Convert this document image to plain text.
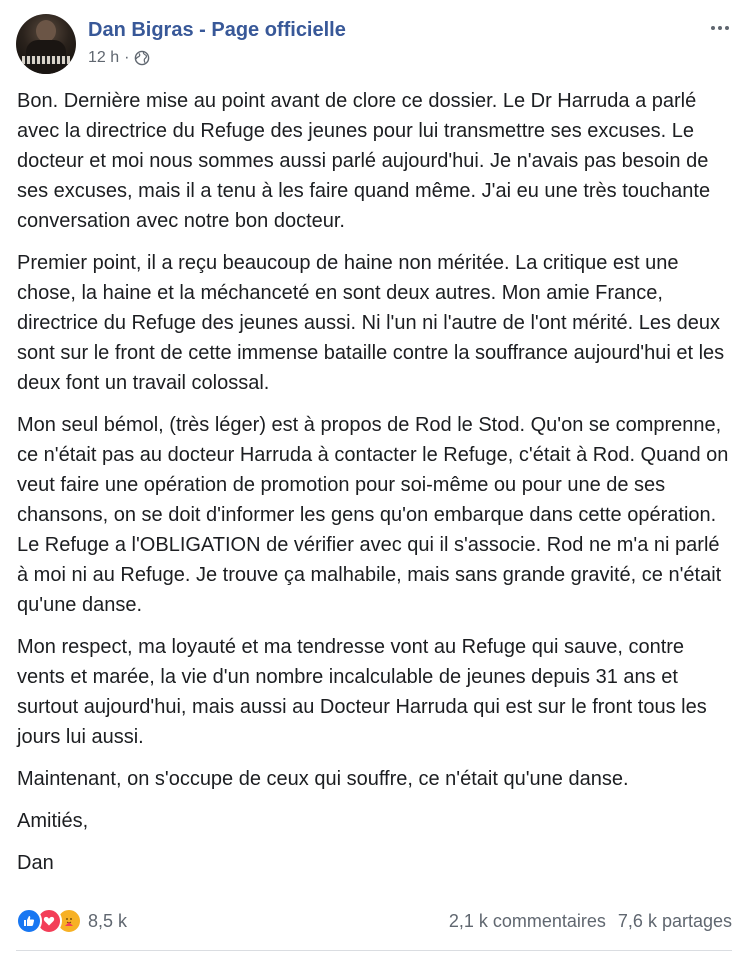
Dan Bigras - Page officielle
12 h ·

Bon. Dernière mise au point avant de clore ce dossier. Le Dr Harruda a parlé avec la directrice du Refuge des jeunes pour lui transmettre ses excuses. Le docteur et moi nous sommes aussi parlé aujourd'hui. Je n'avais pas besoin de ses excuses, mais il a tenu à les faire quand même. J'ai eu une très touchante conversation avec notre bon docteur.

Premier point, il a reçu beaucoup de haine non méritée. La critique est une chose, la haine et la méchanceté en sont deux autres. Mon amie France, directrice du Refuge des jeunes aussi. Ni l'un ni l'autre de l'ont mérité. Les deux sont sur le front de cette immense bataille contre la souffrance aujourd'hui et les deux font un travail colossal.

Mon seul bémol, (très léger) est à propos de Rod le Stod. Qu'on se comprenne, ce n'était pas au docteur Harruda à contacter le Refuge, c'était à Rod. Quand on veut faire une opération de promotion pour soi-même ou pour une de ses chansons, on se doit d'informer les gens qu'on embarque dans cette opération. Le Refuge a l'OBLIGATION de vérifier avec qui il s'associe. Rod ne m'a ni parlé à moi ni au Refuge. Je trouve ça malhabile, mais sans grande gravité, ce n'était qu'une danse.

Mon respect, ma loyauté et ma tendresse vont au Refuge qui sauve, contre vents et marée, la vie d'un nombre incalculable de jeunes depuis 31 ans et surtout aujourd'hui, mais aussi au Docteur Harruda qui est sur le front tous les jours lui aussi.

Maintenant, on s'occupe de ceux qui souffre, ce n'était qu'une danse.

Amitiés,

Dan

8,5 k	2,1 k commentaires 7,6 k partages
